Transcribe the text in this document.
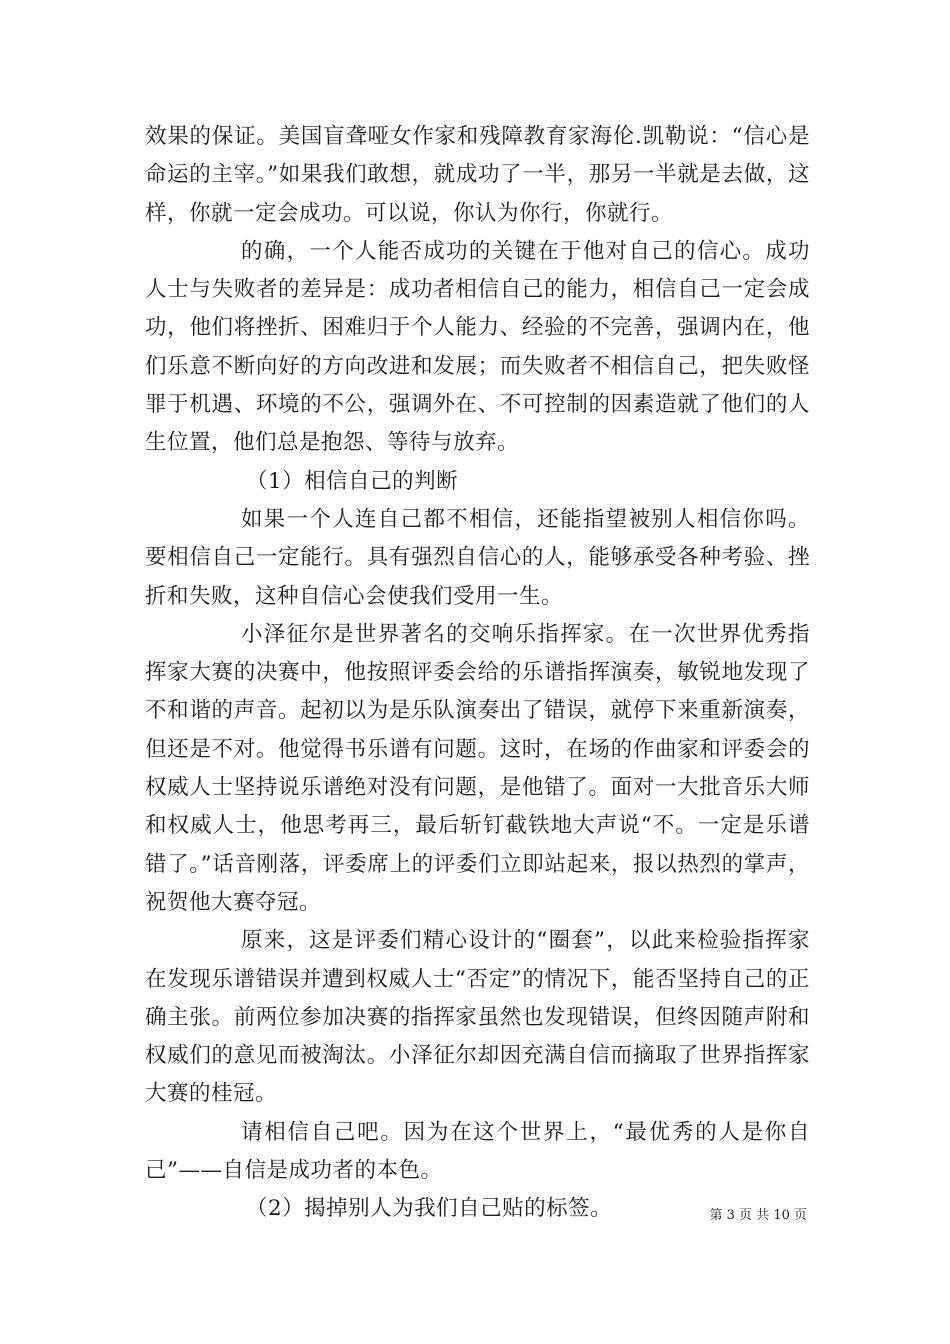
效果的保证。美国盲聋哑女作家和残障教育家海伦.凯勒说：“信心是命运的主宰。”如果我们敢想，就成功了一半，那另一半就是去做，这样，你就一定会成功。可以说，你认为你行，你就行。

的确，一个人能否成功的关键在于他对自己的信心。成功人士与失败者的差异是：成功者相信自己的能力，相信自己一定会成功，他们将挫折、困难归于个人能力、经验的不完善，强调内在，他们乐意不断向好的方向改进和发展；而失败者不相信自己，把失败怪罪于机遇、环境的不公，强调外在、不可控制的因素造就了他们的人生位置，他们总是抱怨、等待与放弃。

（1）相信自己的判断

如果一个人连自己都不相信，还能指望被别人相信你吗。要相信自己一定能行。具有强烈自信心的人，能够承受各种考验、挫折和失败，这种自信心会使我们受用一生。

小泽征尔是世界著名的交响乐指挥家。在一次世界优秀指挥家大赛的决赛中，他按照评委会给的乐谱指挥演奏，敏锐地发现了不和谐的声音。起初以为是乐队演奏出了错误，就停下来重新演奏，但还是不对。他觉得书乐谱有问题。这时，在场的作曲家和评委会的权威人士坚持说乐谱绝对没有问题，是他错了。面对一大批音乐大师和权威人士，他思考再三，最后斩钉截铁地大声说“不。一定是乐谱错了。”话音刚落，评委席上的评委们立即站起来，报以热烈的掌声，祝贺他大赛夺冠。

原来，这是评委们精心设计的“圈套”，以此来检验指挥家在发现乐谱错误并遭到权威人士“否定”的情况下，能否坚持自己的正确主张。前两位参加决赛的指挥家虽然也发现错误，但终因随声附和权威们的意见而被淘汰。小泽征尔却因充满自信而摘取了世界指挥家大赛的桂冠。

请相信自己吧。因为在这个世界上，“最优秀的人是你自己”——自信是成功者的本色。

（2）揭掉别人为我们自己贴的标签。	第 3 页 共 10 页
